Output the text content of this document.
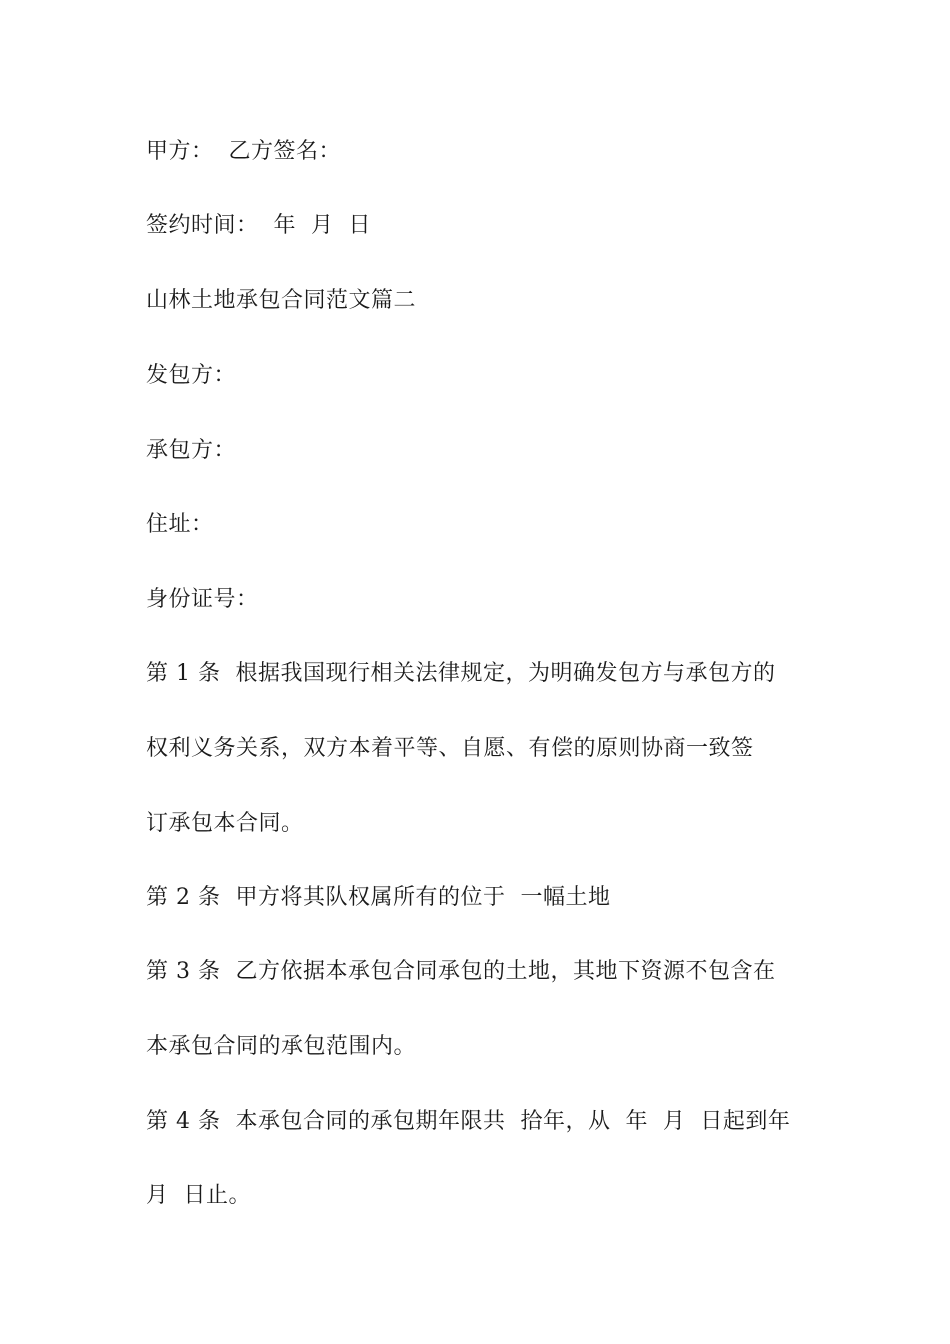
甲方：  乙方签名：
签约时间：  年  月  日
山林土地承包合同范文篇二
发包方：
承包方：
住址：
身份证号：
第 1 条  根据我国现行相关法律规定，为明确发包方与承包方的
权利义务关系，双方本着平等、自愿、有偿的原则协商一致签
订承包本合同。
第 2 条  甲方将其队权属所有的位于  一幅土地
第 3 条  乙方依据本承包合同承包的土地，其地下资源不包含在
本承包合同的承包范围内。
第 4 条  本承包合同的承包期年限共  拾年，从  年  月  日起到年
月  日止。
